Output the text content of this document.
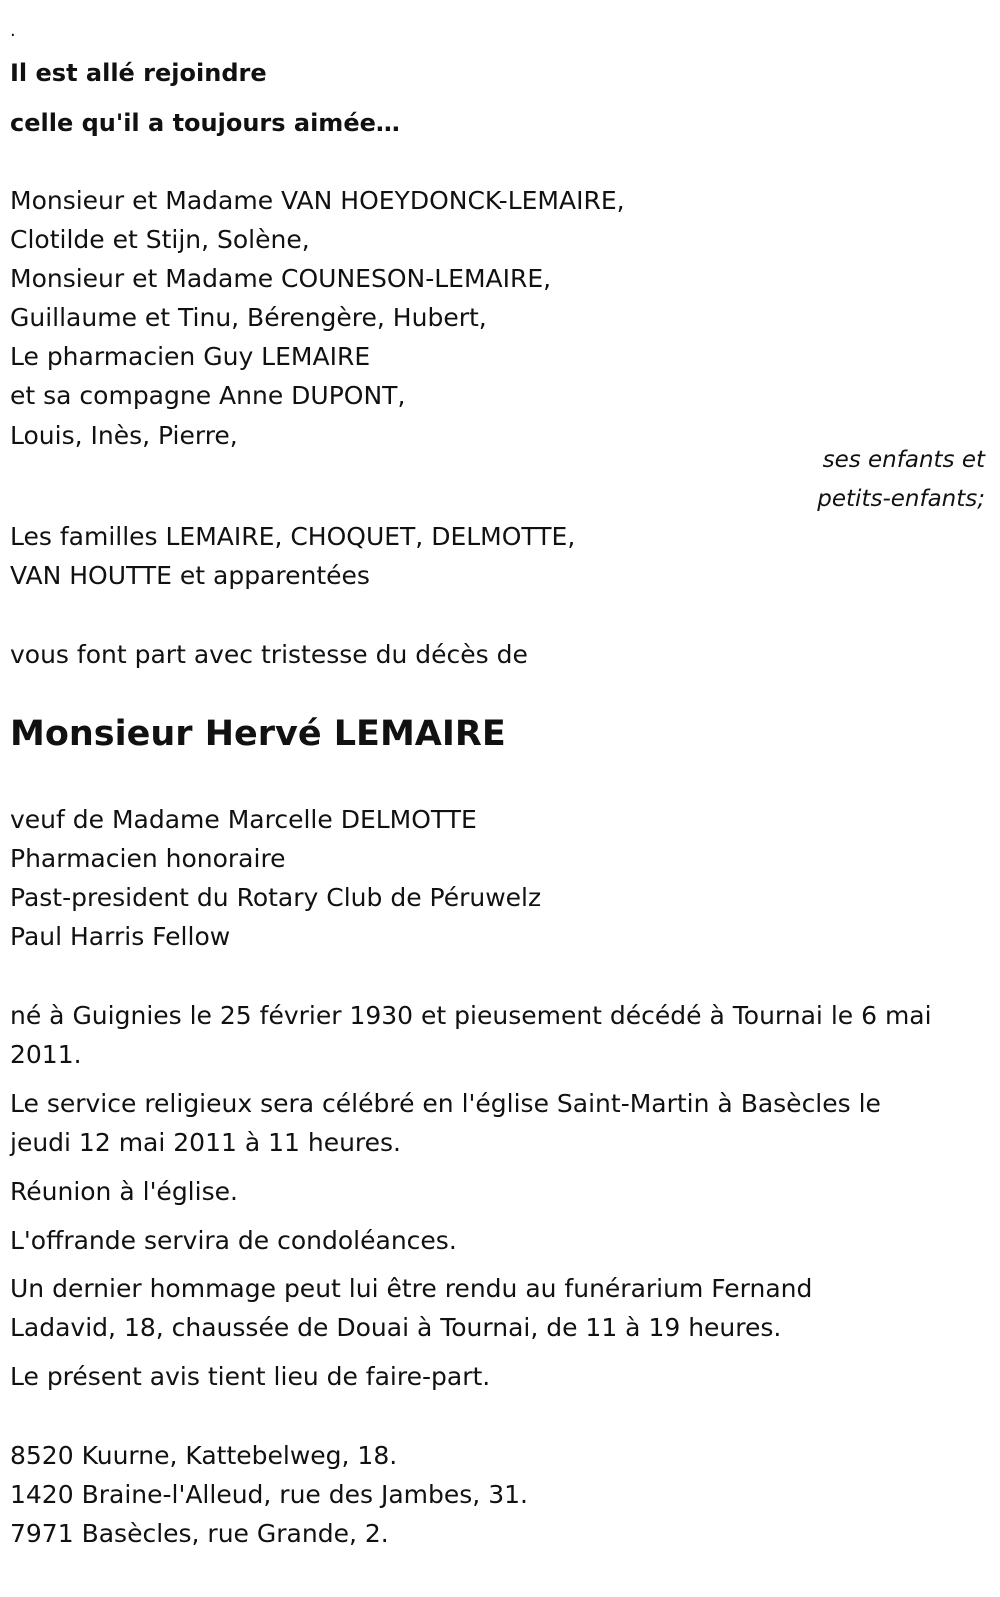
.
Il est allé rejoindre
celle qu'il a toujours aimée…
Monsieur et Madame VAN HOEYDONCK-LEMAIRE,
Clotilde et Stijn, Solène,
Monsieur et Madame COUNESON-LEMAIRE,
Guillaume et Tinu, Bérengère, Hubert,
Le pharmacien Guy LEMAIRE
et sa compagne Anne DUPONT,
Louis, Inès, Pierre,
ses enfants et
petits-enfants;
Les familles LEMAIRE, CHOQUET, DELMOTTE,
VAN HOUTTE et apparentées
vous font part avec tristesse du décès de
Monsieur Hervé LEMAIRE
veuf de Madame Marcelle DELMOTTE
Pharmacien honoraire
Past-president du Rotary Club de Péruwelz
Paul Harris Fellow
né à Guignies le 25 février 1930 et pieusement décédé à Tournai le 6 mai
2011.
Le service religieux sera célébré en l'église Saint-Martin à Basècles le
jeudi 12 mai 2011 à 11 heures.
Réunion à l'église.
L'offrande servira de condoléances.
Un dernier hommage peut lui être rendu au funérarium Fernand
Ladavid, 18, chaussée de Douai à Tournai, de 11 à 19 heures.
Le présent avis tient lieu de faire-part.
8520 Kuurne, Kattebelweg, 18.
1420 Braine-l'Alleud, rue des Jambes, 31.
7971 Basècles, rue Grande, 2.
